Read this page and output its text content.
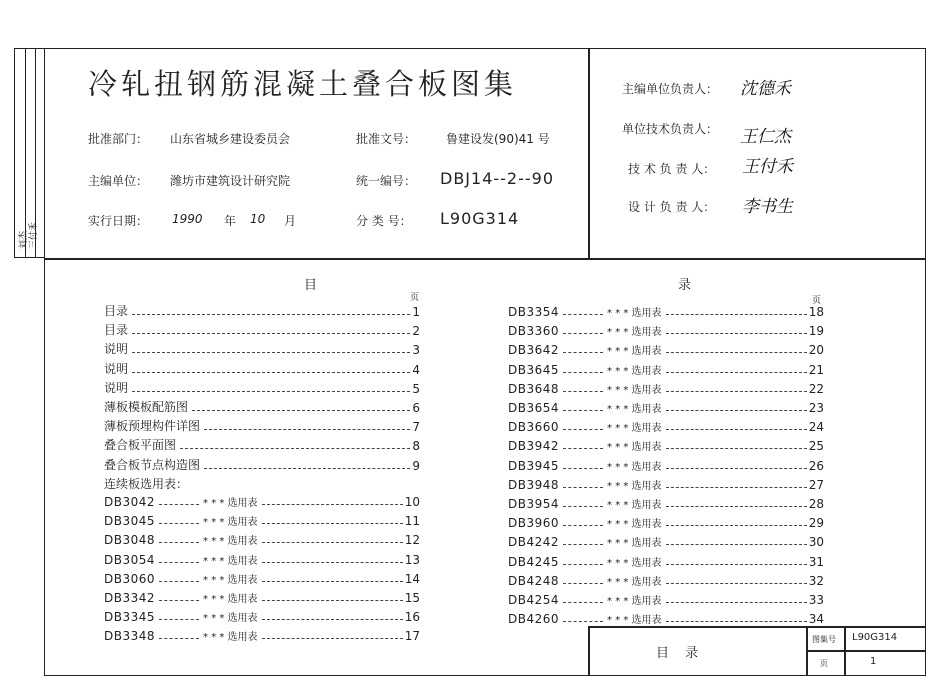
刘杰 三付禾
冷轧扭钢筋混凝土叠合板图集
批准部门： 山东省城乡建设委员会	批准文号： 鲁建设发(90)41 号
主编单位： 潍坊市建筑设计研究院	统一编号： DBJ14--2--90
实行日期： 1990 年 10 月	分 类 号： L90G314
主编单位负责人： 沈德禾
单位技术负责人： 王仁杰
技 术 负 责 人： 王付禾
设 计 负 责 人： 李书生
目	录
页	页
目录	1
目录	2
说明	3
说明	4
说明	5
薄板模板配筋图	6
薄板预埋构件详图	7
叠合板平面图	8
叠合板节点构造图	9
连续板选用表：
DB3042	* * * 选用表	10
DB3045	* * * 选用表	11
DB3048	* * * 选用表	12
DB3054	* * * 选用表	13
DB3060	* * * 选用表	14
DB3342	* * * 选用表	15
DB3345	* * * 选用表	16
DB3348	* * * 选用表	17
DB3354	* * * 选用表	18
DB3360	* * * 选用表	19
DB3642	* * * 选用表	20
DB3645	* * * 选用表	21
DB3648	* * * 选用表	22
DB3654	* * * 选用表	23
DB3660	* * * 选用表	24
DB3942	* * * 选用表	25
DB3945	* * * 选用表	26
DB3948	* * * 选用表	27
DB3954	* * * 选用表	28
DB3960	* * * 选用表	29
DB4242	* * * 选用表	30
DB4245	* * * 选用表	31
DB4248	* * * 选用表	32
DB4254	* * * 选用表	33
DB4260	* * * 选用表	34
目 录
图集号 L90G314
页	1
